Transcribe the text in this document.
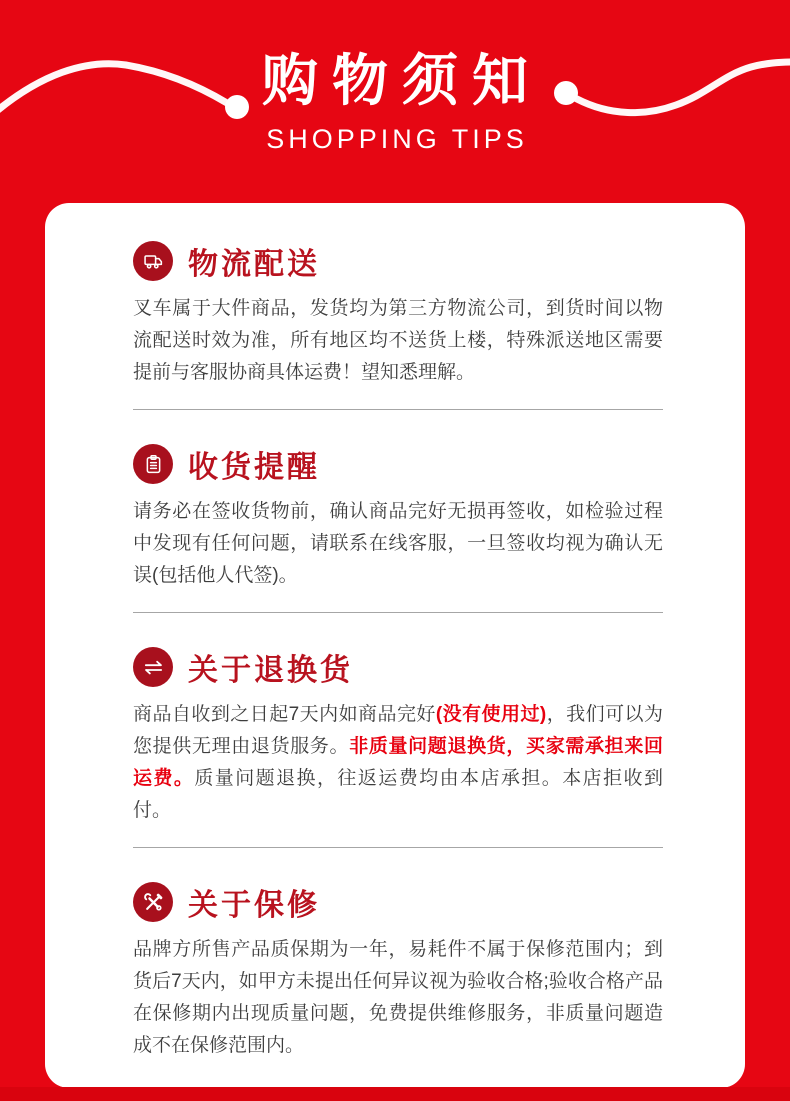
购物须知
SHOPPING TIPS
物流配送

叉车属于大件商品，发货均为第三方物流公司，到货时间以物流配送时效为准，所有地区均不送货上楼，特殊派送地区需要提前与客服协商具体运费！望知悉理解。

收货提醒

请务必在签收货物前，确认商品完好无损再签收，如检验过程中发现有任何问题，请联系在线客服，一旦签收均视为确认无误(包括他人代签)。

关于退换货

商品自收到之日起7天内如商品完好(没有使用过)，我们可以为您提供无理由退货服务。非质量问题退换货，买家需承担来回运费。质量问题退换，往返运费均由本店承担。本店拒收到付。

关于保修

品牌方所售产品质保期为一年，易耗件不属于保修范围内；到货后7天内，如甲方未提出任何异议视为验收合格;验收合格产品在保修期内出现质量问题，免费提供维修服务，非质量问题造成不在保修范围内。
